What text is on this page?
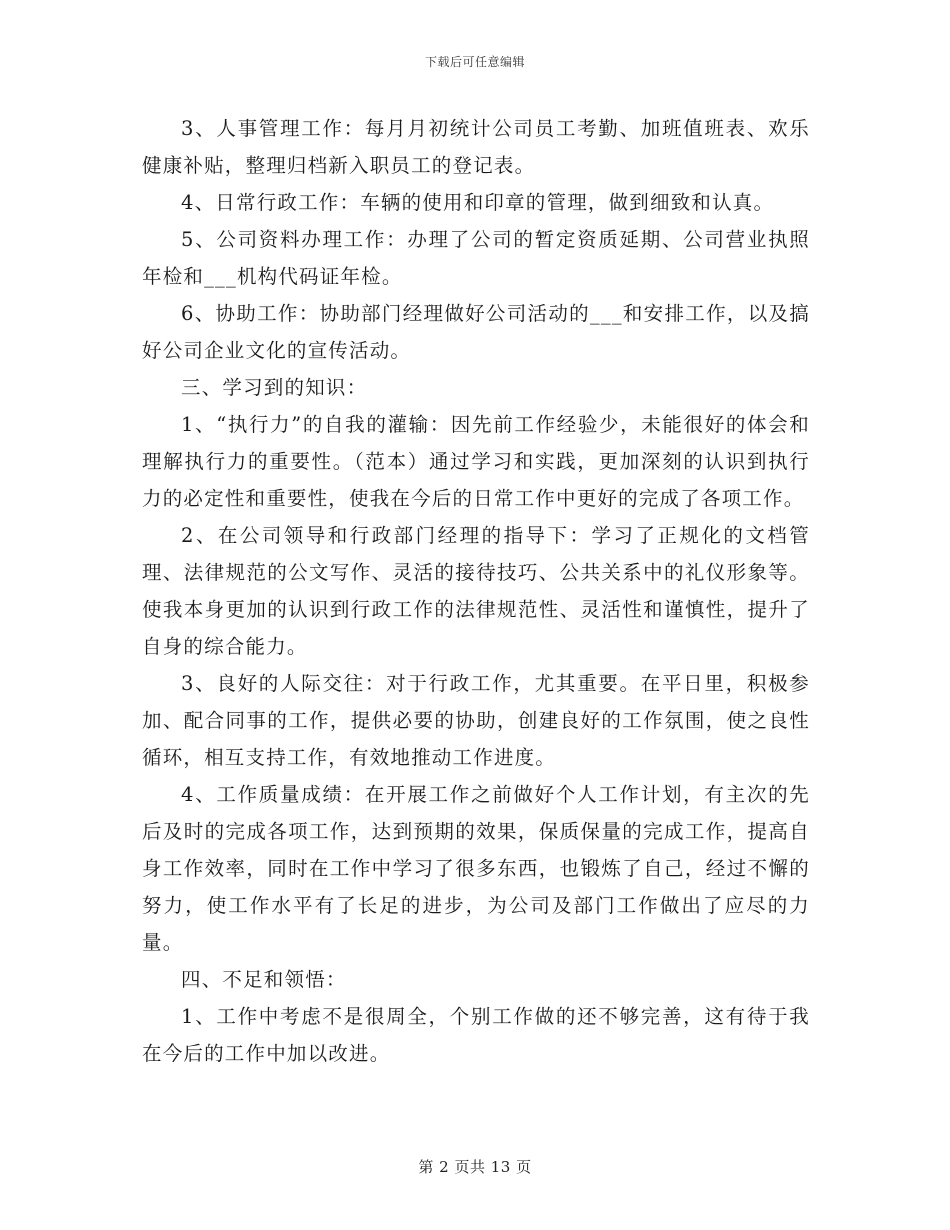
下载后可任意编辑

3、人事管理工作：每月月初统计公司员工考勤、加班值班表、欢乐健康补贴，整理归档新入职员工的登记表。

4、日常行政工作：车辆的使用和印章的管理，做到细致和认真。

5、公司资料办理工作：办理了公司的暂定资质延期、公司营业执照年检和___机构代码证年检。

6、协助工作：协助部门经理做好公司活动的___和安排工作，以及搞好公司企业文化的宣传活动。

三、学习到的知识：

1、“执行力”的自我的灌输：因先前工作经验少，未能很好的体会和理解执行力的重要性。（范本）通过学习和实践，更加深刻的认识到执行力的必定性和重要性，使我在今后的日常工作中更好的完成了各项工作。

2、在公司领导和行政部门经理的指导下：学习了正规化的文档管理、法律规范的公文写作、灵活的接待技巧、公共关系中的礼仪形象等。使我本身更加的认识到行政工作的法律规范性、灵活性和谨慎性，提升了自身的综合能力。

3、良好的人际交往：对于行政工作，尤其重要。在平日里，积极参加、配合同事的工作，提供必要的协助，创建良好的工作氛围，使之良性循环，相互支持工作，有效地推动工作进度。

4、工作质量成绩：在开展工作之前做好个人工作计划，有主次的先后及时的完成各项工作，达到预期的效果，保质保量的完成工作，提高自身工作效率，同时在工作中学习了很多东西，也锻炼了自己，经过不懈的努力，使工作水平有了长足的进步，为公司及部门工作做出了应尽的力量。

四、不足和领悟：

1、工作中考虑不是很周全，个别工作做的还不够完善，这有待于我在今后的工作中加以改进。

第 2 页共 13 页
